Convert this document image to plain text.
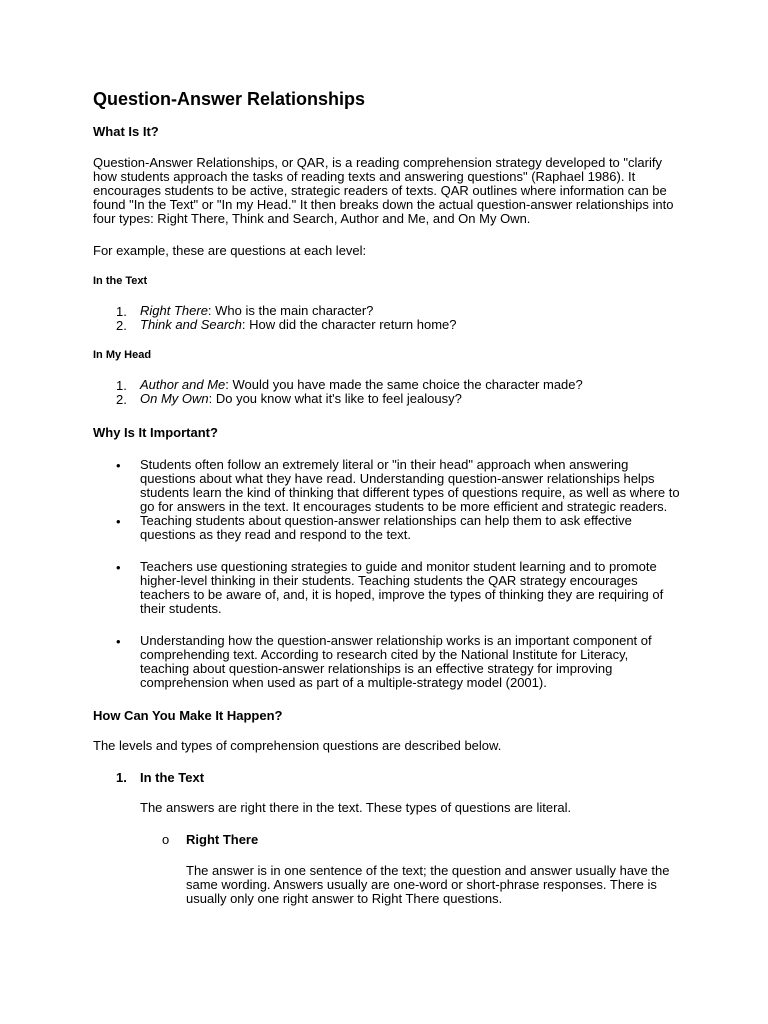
Question-Answer Relationships
What Is It?

Question-Answer Relationships, or QAR, is a reading comprehension strategy developed to "clarify how students approach the tasks of reading texts and answering questions" (Raphael 1986). It encourages students to be active, strategic readers of texts. QAR outlines where information can be found "In the Text" or "In my Head." It then breaks down the actual question-answer relationships into four types: Right There, Think and Search, Author and Me, and On My Own.

For example, these are questions at each level:

In the Text
1. Right There: Who is the main character?
2. Think and Search: How did the character return home?
In My Head
1. Author and Me: Would you have made the same choice the character made?
2. On My Own: Do you know what it's like to feel jealousy?
Why Is It Important?
• Students often follow an extremely literal or "in their head" approach when answering questions about what they have read. Understanding question-answer relationships helps students learn the kind of thinking that different types of questions require, as well as where to go for answers in the text. It encourages students to be more efficient and strategic readers.

• Teaching students about question-answer relationships can help them to ask effective questions as they read and respond to the text.

• Teachers use questioning strategies to guide and monitor student learning and to promote higher-level thinking in their students. Teaching students the QAR strategy encourages teachers to be aware of, and, it is hoped, improve the types of thinking they are requiring of their students.

• Understanding how the question-answer relationship works is an important component of comprehending text. According to research cited by the National Institute for Literacy, teaching about question-answer relationships is an effective strategy for improving comprehension when used as part of a multiple-strategy model (2001).

How Can You Make It Happen?

The levels and types of comprehension questions are described below.

1. In the Text

The answers are right there in the text. These types of questions are literal.

o Right There

The answer is in one sentence of the text; the question and answer usually have the same wording. Answers usually are one-word or short-phrase responses. There is usually only one right answer to Right There questions.
